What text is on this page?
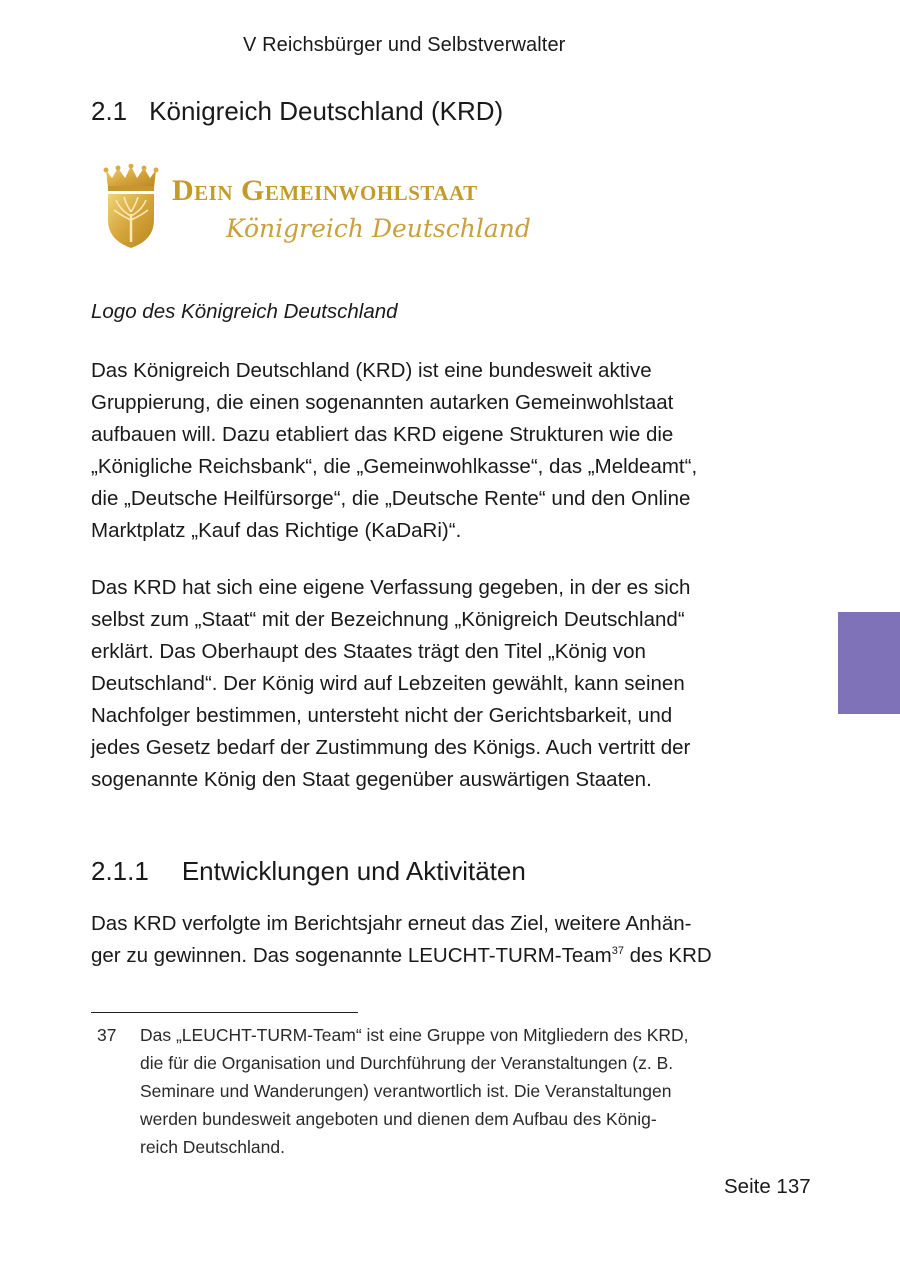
V Reichsbürger und Selbstverwalter
2.1 Königreich Deutschland (KRD)
Dein Gemeinwohlstaat
Königreich Deutschland
Logo des Königreich Deutschland

Das Königreich Deutschland (KRD) ist eine bundesweit aktive
Gruppierung, die einen sogenannten autarken Gemeinwohlstaat
aufbauen will. Dazu etabliert das KRD eigene Strukturen wie die
„Königliche Reichsbank“, die „Gemeinwohlkasse“, das „Meldeamt“,
die „Deutsche Heilfürsorge“, die „Deutsche Rente“ und den Online
Marktplatz „Kauf das Richtige (KaDaRi)“.

Das KRD hat sich eine eigene Verfassung gegeben, in der es sich
selbst zum „Staat“ mit der Bezeichnung „Königreich Deutschland“
erklärt. Das Oberhaupt des Staates trägt den Titel „König von
Deutschland“. Der König wird auf Lebzeiten gewählt, kann seinen
Nachfolger bestimmen, untersteht nicht der Gerichtsbarkeit, und
jedes Gesetz bedarf der Zustimmung des Königs. Auch vertritt der
sogenannte König den Staat gegenüber auswärtigen Staaten.

2.1.1 Entwicklungen und Aktivitäten

Das KRD verfolgte im Berichtsjahr erneut das Ziel, weitere Anhän-
ger zu gewinnen. Das sogenannte LEUCHT-TURM-Team$^{37}$ des KRD

37 Das „LEUCHT-TURM-Team“ ist eine Gruppe von Mitgliedern des KRD,
die für die Organisation und Durchführung der Veranstaltungen (z. B.
Seminare und Wanderungen) verantwortlich ist. Die Veranstaltungen
werden bundesweit angeboten und dienen dem Aufbau des König-
reich Deutschland.
Seite 137
